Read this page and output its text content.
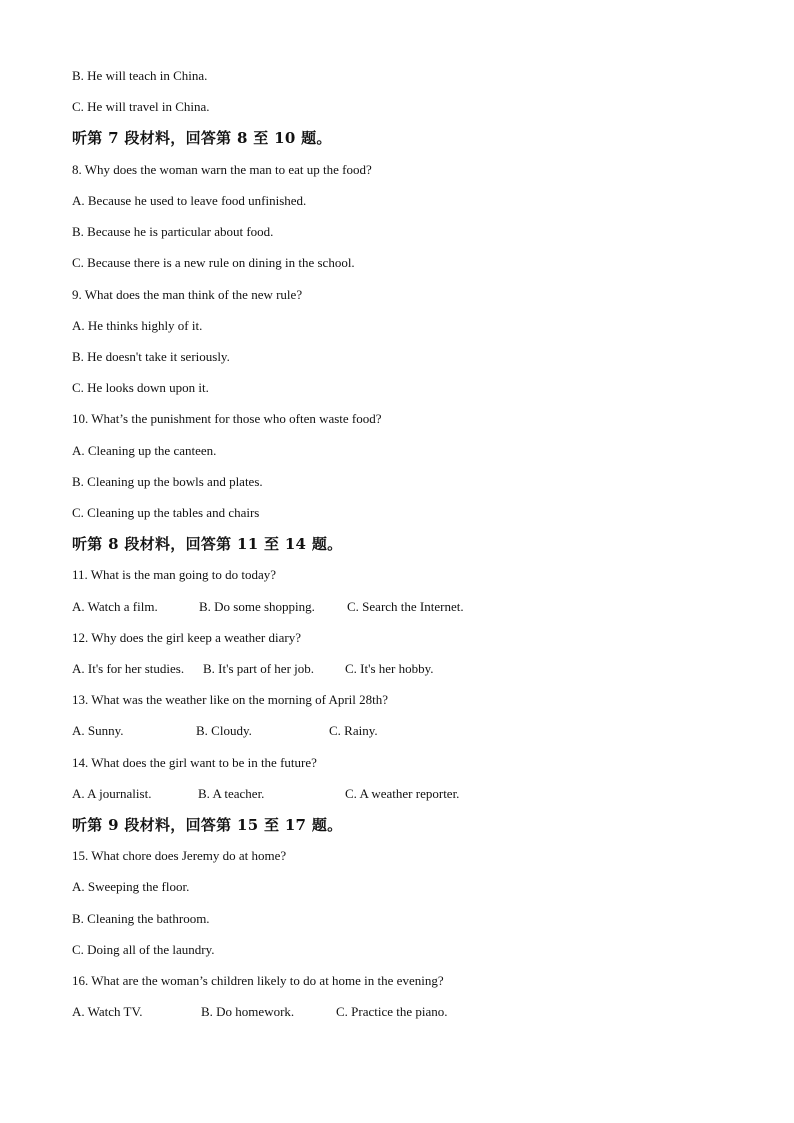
B. He will teach in China.
C. He will travel in China.
听第 7 段材料，回答第 8 至 10 题。
8. Why does the woman warn the man to eat up the food?
A. Because he used to leave food unfinished.
B. Because he is particular about food.
C. Because there is a new rule on dining in the school.
9. What does the man think of the new rule?
A. He thinks highly of it.
B. He doesn't take it seriously.
C. He looks down upon it.
10. What’s the punishment for those who often waste food?
A. Cleaning up the canteen.
B. Cleaning up the bowls and plates.
C. Cleaning up the tables and chairs
听第 8 段材料，回答第 11 至 14 题。
11. What is the man going to do today?
A. Watch a film.	B. Do some shopping. C. Search the Internet.
12. Why does the girl keep a weather diary?
A. It's for her studies. B. It's part of her job. C. It's her hobby.
13. What was the weather like on the morning of April 28th?
A. Sunny.	B. Cloudy.	C. Rainy.
14. What does the girl want to be in the future?
A. A journalist.	B. A teacher.	C. A weather reporter.
听第 9 段材料，回答第 15 至 17 题。
15. What chore does Jeremy do at home?
A. Sweeping the floor.
B. Cleaning the bathroom.
C. Doing all of the laundry.
16. What are the woman’s children likely to do at home in the evening?
A. Watch TV.	B. Do homework.	C. Practice the piano.
